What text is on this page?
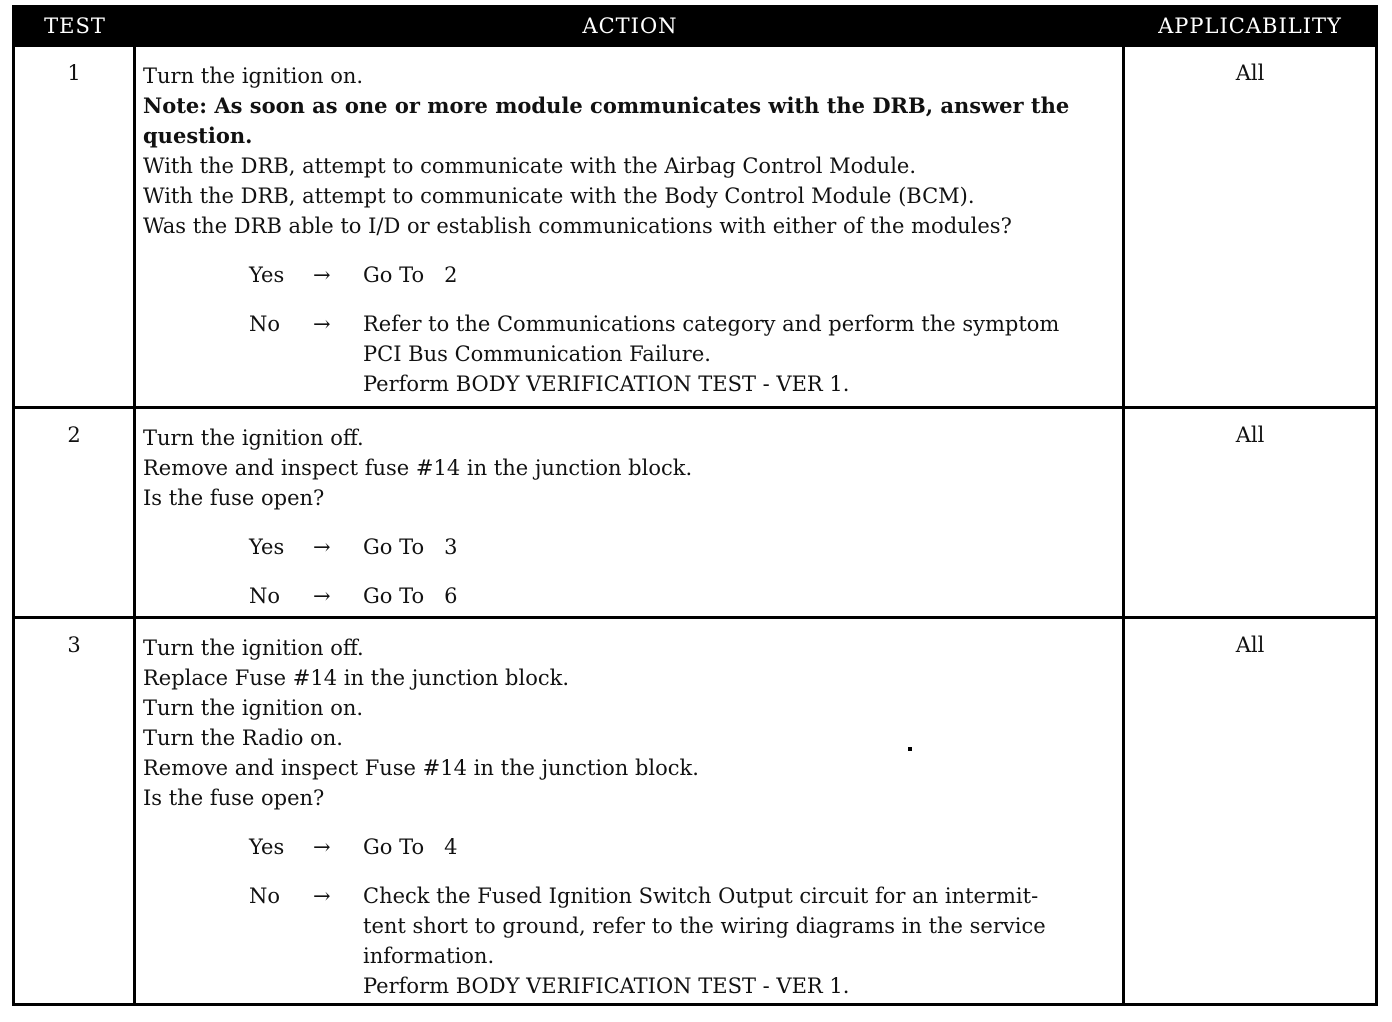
TEST	ACTION	APPLICABILITY
1	Turn the ignition on.
Note: As soon as one or more module communicates with the DRB, answer the question.
With the DRB, attempt to communicate with the Airbag Control Module.
With the DRB, attempt to communicate with the Body Control Module (BCM).
Was the DRB able to I/D or establish communications with either of the modules?
Yes → Go To   2
No → Refer to the Communications category and perform the symptom
PCI Bus Communication Failure.
Perform BODY VERIFICATION TEST - VER 1.
All
2	Turn the ignition off.
Remove and inspect fuse #14 in the junction block.
Is the fuse open?
Yes → Go To   3
No → Go To   6
All
3	Turn the ignition off.
Replace Fuse #14 in the junction block.
Turn the ignition on.
Turn the Radio on.
Remove and inspect Fuse #14 in the junction block.
Is the fuse open?
Yes → Go To   4
No → Check the Fused Ignition Switch Output circuit for an intermit-
tent short to ground, refer to the wiring diagrams in the service
information.
Perform BODY VERIFICATION TEST - VER 1.
All
